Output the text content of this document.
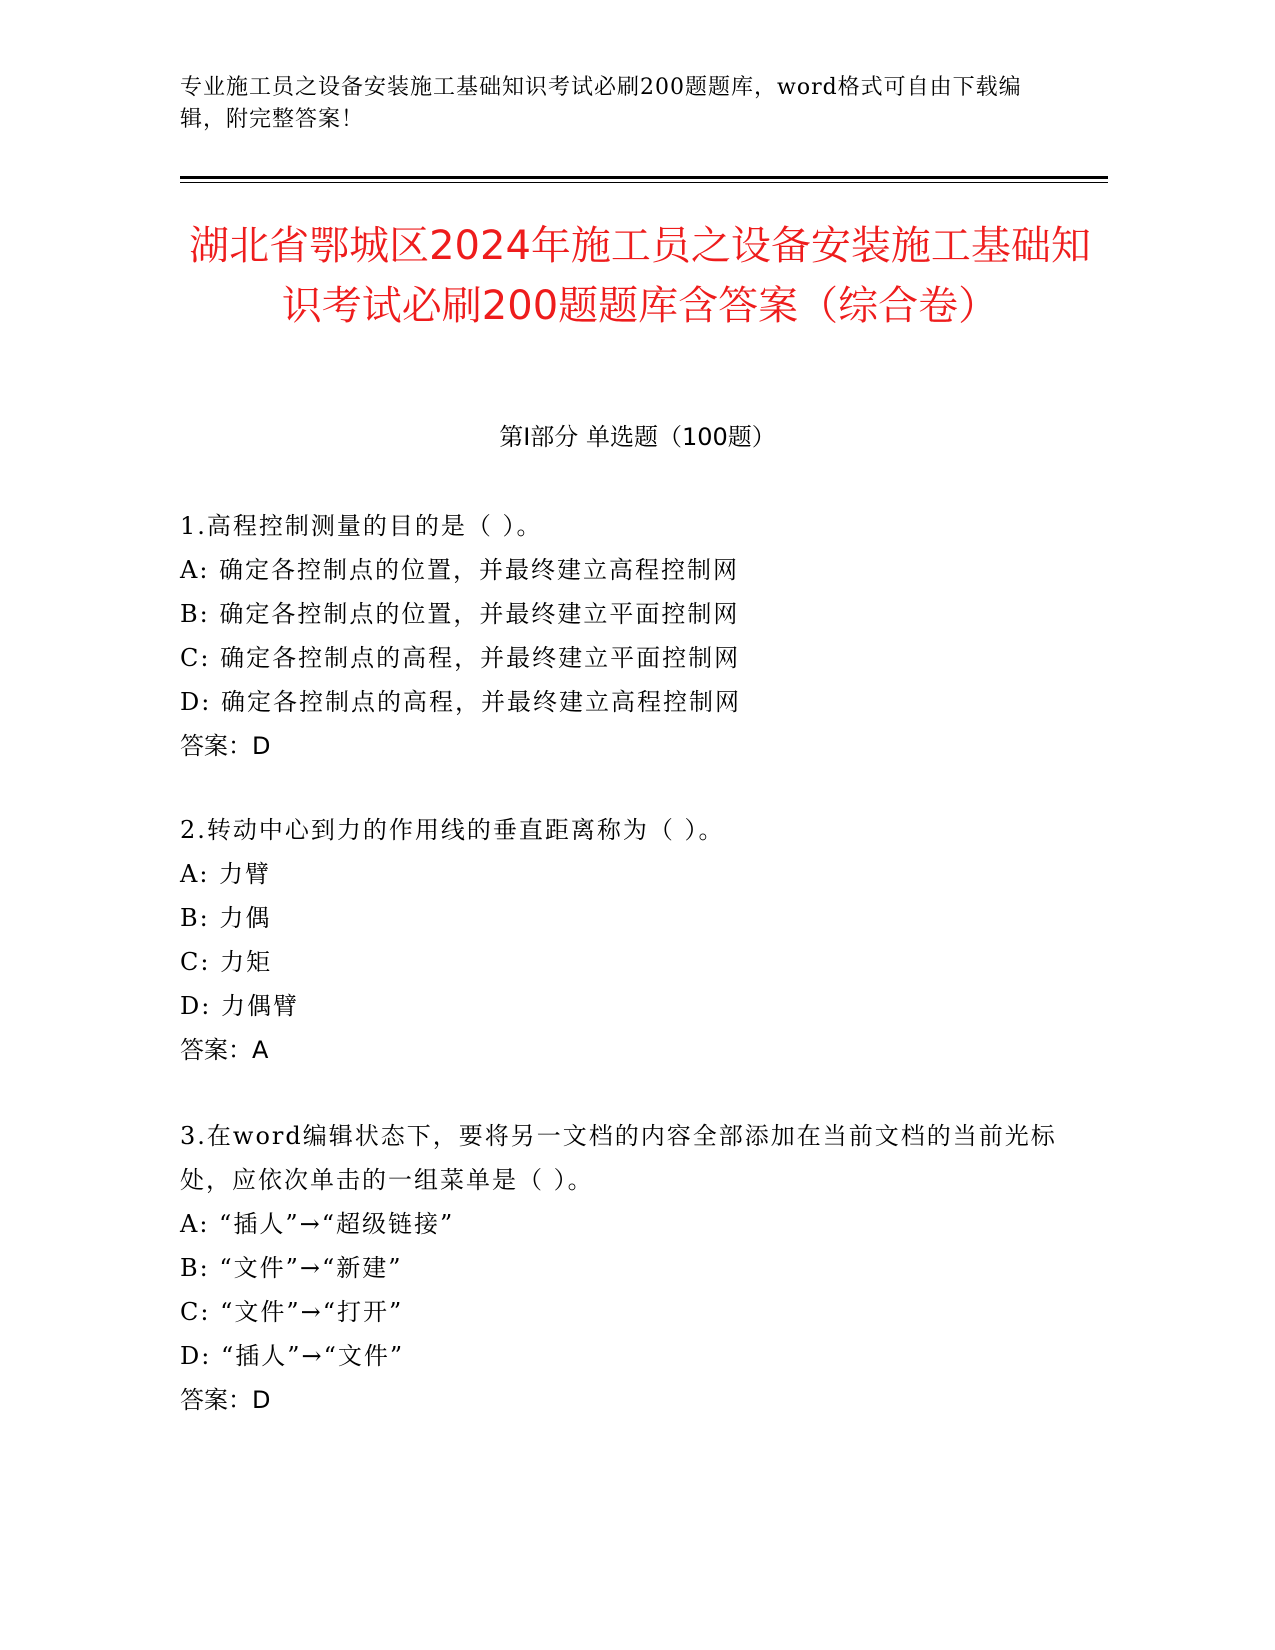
专业施工员之设备安装施工基础知识考试必刷200题题库，word格式可自由下载编辑，附完整答案！
湖北省鄂城区2024年施工员之设备安装施工基础知识考试必刷200题题库含答案（综合卷）
第I部分 单选题（100题）
1.高程控制测量的目的是（ ）。
A: 确定各控制点的位置，并最终建立高程控制网
B: 确定各控制点的位置，并最终建立平面控制网
C: 确定各控制点的高程，并最终建立平面控制网
D: 确定各控制点的高程，并最终建立高程控制网
答案：D
2.转动中心到力的作用线的垂直距离称为（ ）。
A: 力臂
B: 力偶
C: 力矩
D: 力偶臂
答案：A
3.在word编辑状态下，要将另一文档的内容全部添加在当前文档的当前光标处，应依次单击的一组菜单是（ ）。
A: “插人”→“超级链接”
B: “文件”→“新建”
C: “文件”→“打开”
D: “插人”→“文件”
答案：D
